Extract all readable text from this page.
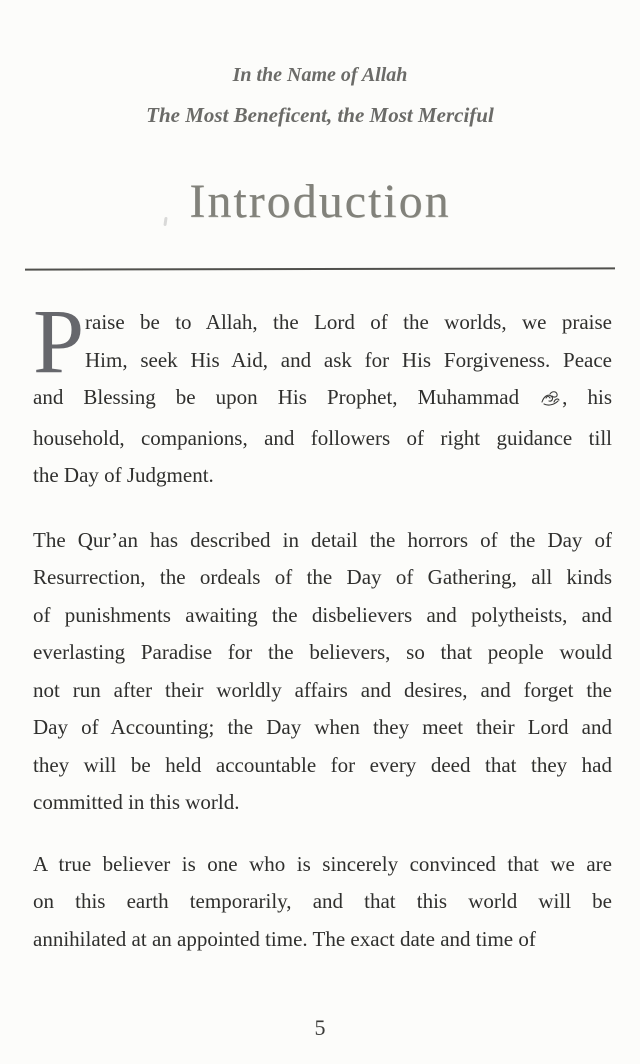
In the Name of Allah
The Most Beneficent, the Most Merciful
Introduction
P raise be to Allah, the Lord of the worlds, we praise
Him, seek His Aid, and ask for His Forgiveness. Peace
and Blessing be upon His Prophet, Muhammad , his
household, companions, and followers of right guidance till
the Day of Judgment.
The Qur’an has described in detail the horrors of the Day of
Resurrection, the ordeals of the Day of Gathering, all kinds
of punishments awaiting the disbelievers and polytheists, and
everlasting Paradise for the believers, so that people would
not run after their worldly affairs and desires, and forget the
Day of Accounting; the Day when they meet their Lord and
they will be held accountable for every deed that they had
committed in this world.
A true believer is one who is sincerely convinced that we are
on this earth temporarily, and that this world will be
annihilated at an appointed time. The exact date and time of
5
